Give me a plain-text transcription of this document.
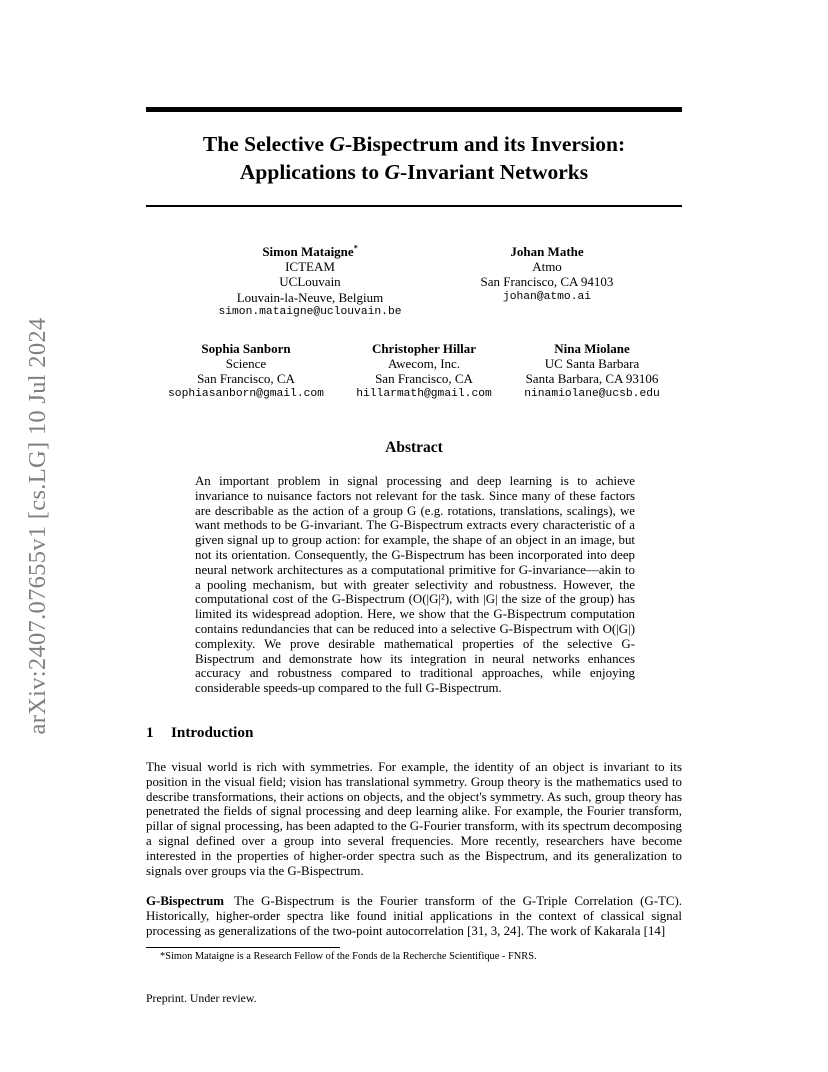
arXiv:2407.07655v1 [cs.LG] 10 Jul 2024
The Selective G-Bispectrum and its Inversion:
Applications to G-Invariant Networks
Simon Mataigne*
ICTEAM
UCLouvain
Louvain-la-Neuve, Belgium
simon.mataigne@uclouvain.be
Johan Mathe
Atmo
San Francisco, CA 94103
johan@atmo.ai
Sophia Sanborn
Science
San Francisco, CA
sophiasanborn@gmail.com
Christopher Hillar
Awecom, Inc.
San Francisco, CA
hillarmath@gmail.com
Nina Miolane
UC Santa Barbara
Santa Barbara, CA 93106
ninamiolane@ucsb.edu
Abstract
An important problem in signal processing and deep learning is to achieve invariance to nuisance factors not relevant for the task. Since many of these factors are describable as the action of a group G (e.g. rotations, translations, scalings), we want methods to be G-invariant. The G-Bispectrum extracts every characteristic of a given signal up to group action: for example, the shape of an object in an image, but not its orientation. Consequently, the G-Bispectrum has been incorporated into deep neural network architectures as a computational primitive for G-invariance—akin to a pooling mechanism, but with greater selectivity and robustness. However, the computational cost of the G-Bispectrum (O(|G|²), with |G| the size of the group) has limited its widespread adoption. Here, we show that the G-Bispectrum computation contains redundancies that can be reduced into a selective G-Bispectrum with O(|G|) complexity. We prove desirable mathematical properties of the selective G-Bispectrum and demonstrate how its integration in neural networks enhances accuracy and robustness compared to traditional approaches, while enjoying considerable speeds-up compared to the full G-Bispectrum.
1 Introduction
The visual world is rich with symmetries. For example, the identity of an object is invariant to its position in the visual field; vision has translational symmetry. Group theory is the mathematics used to describe transformations, their actions on objects, and the object's symmetry. As such, group theory has penetrated the fields of signal processing and deep learning alike. For example, the Fourier transform, pillar of signal processing, has been adapted to the G-Fourier transform, with its spectrum decomposing a signal defined over a group into several frequencies. More recently, researchers have become interested in the properties of higher-order spectra such as the Bispectrum, and its generalization to signals over groups via the G-Bispectrum.
G-Bispectrum The G-Bispectrum is the Fourier transform of the G-Triple Correlation (G-TC). Historically, higher-order spectra like found initial applications in the context of classical signal processing as generalizations of the two-point autocorrelation [31, 3, 24]. The work of Kakarala [14]
*Simon Mataigne is a Research Fellow of the Fonds de la Recherche Scientifique - FNRS.
Preprint. Under review.
